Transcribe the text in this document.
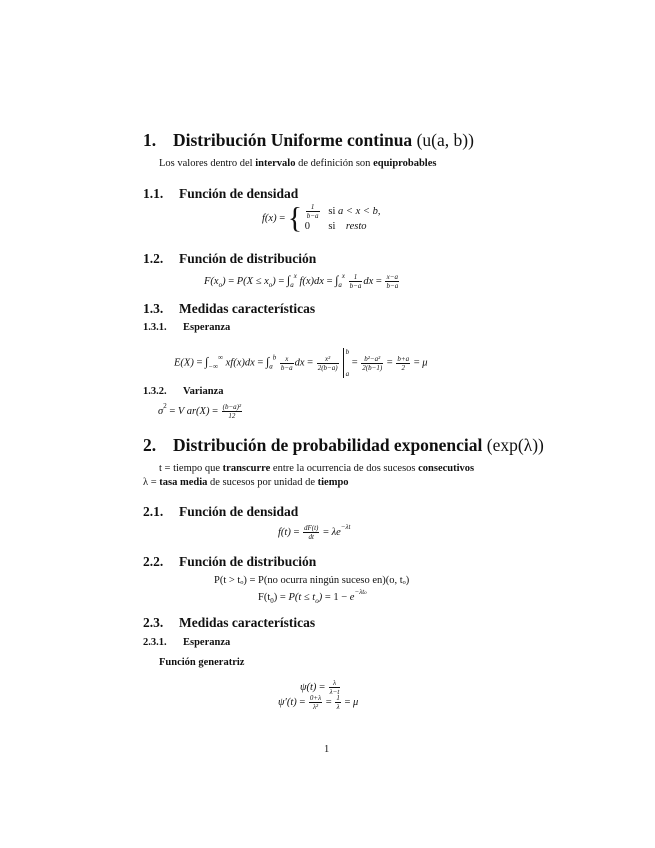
1. Distribución Uniforme continua (u(a, b))
Los valores dentro del intervalo de definición son equiprobables
1.1. Función de densidad
f(x) = { $\frac{1}{b-a}$ si a < x < b,
0 si    resto
1.2. Función de distribución
$F(x_o) = P(X \le x_o) = \int_a^x$ $f(x)dx = \int_a^x \frac{1}{b-a}$ dx = $\frac{x-a}{b-a}$
1.3. Medidas características
1.3.1. Esperanza
$E(X) = \int_{-\infty}^\infty$ $xf(x)dx = \int_a^b \frac{x}{b-a}$ dx = $\frac{\text{x²}}{2(b-a)}$
b
$a = \frac{\text{b²−a²}}{2(b-1)} = \frac{b+a}{2} = \mu$
1.3.2. Varianza
$\sigma^2 = V$ $ar(X) = \frac{\text{(b−a)²}}{12}$
2. Distribución de probabilidad exponencial (exp(λ))
t = tiempo que transcurre entre la ocurrencia de dos sucesos consecutivos
λ = tasa media de sucesos por unidad de tiempo
2.1. Función de densidad
$f(t) = \frac{dF(t)}{dt} = \lambda e^{-\lambda t}$
2.2. Función de distribución
P(t > tₒ) = P(no ocurra ningún suceso en)(o, tₒ)
$F(t_0) = P(t \le t_o) = 1 - e^{-\lambda to}$
2.3. Medidas características
2.3.1. Esperanza
Función generatriz
$\psi(t) = \frac{\lambda}{\lambda-t}$
$\psi'(t) = \frac{0+\lambda}{\text{λ²}} = \frac{1}{\lambda} = \mu$
1
